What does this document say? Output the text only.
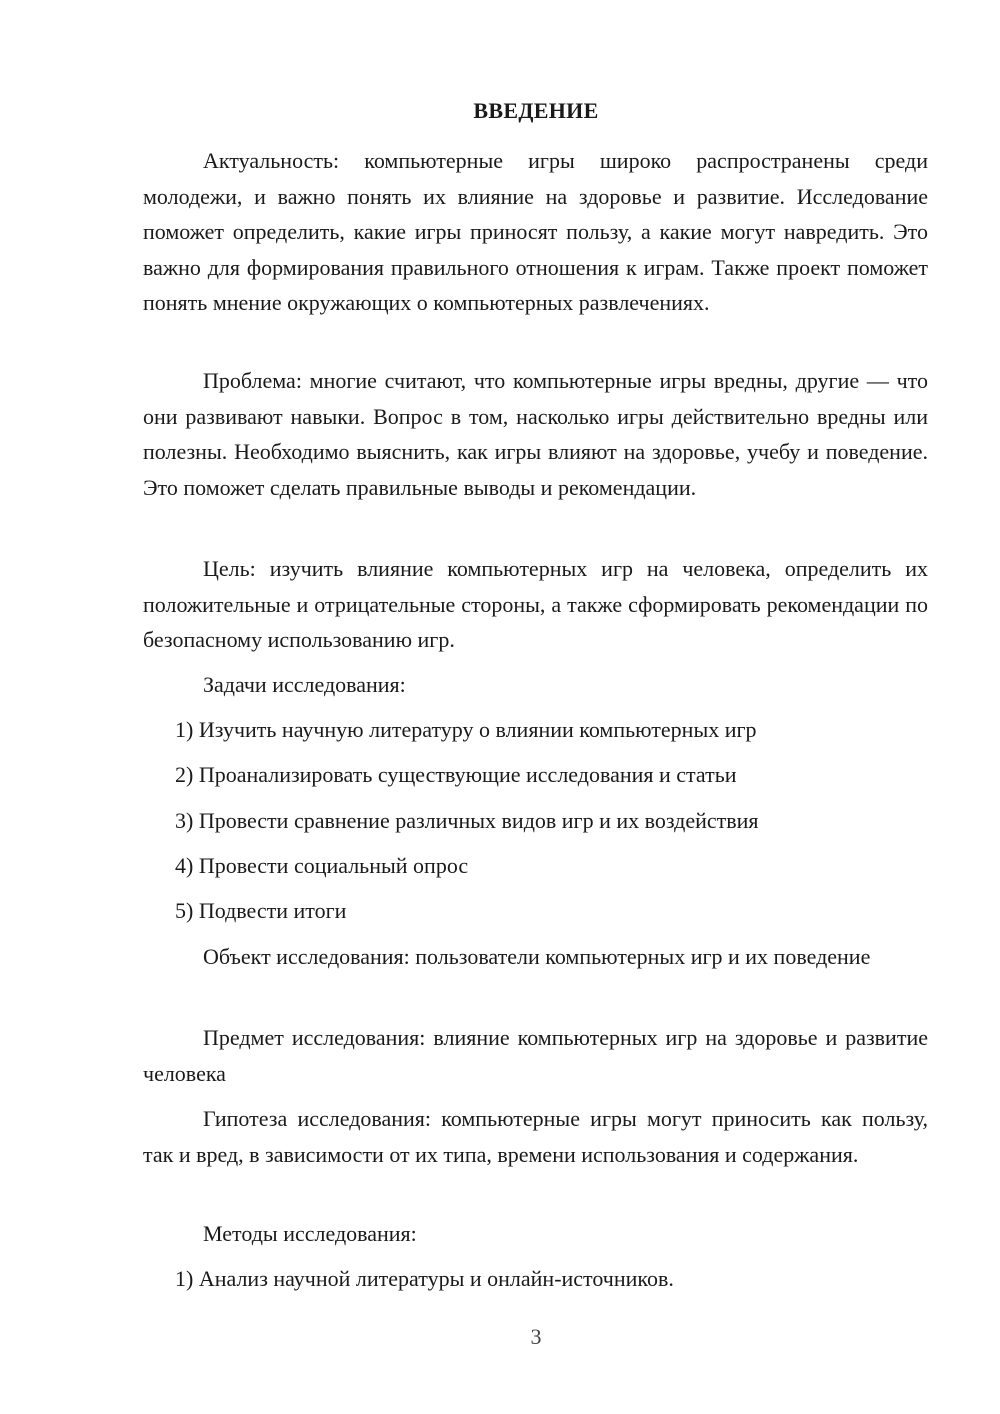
ВВЕДЕНИЕ

Актуальность: компьютерные игры широко распространены среди молодежи, и важно понять их влияние на здоровье и развитие. Исследование поможет определить, какие игры приносят пользу, а какие могут навредить. Это важно для формирования правильного отношения к играм. Также проект поможет понять мнение окружающих о компьютерных развлечениях.

Проблема: многие считают, что компьютерные игры вредны, другие — что они развивают навыки. Вопрос в том, насколько игры действительно вредны или полезны. Необходимо выяснить, как игры влияют на здоровье, учебу и поведение. Это поможет сделать правильные выводы и рекомендации.

Цель: изучить влияние компьютерных игр на человека, определить их положительные и отрицательные стороны, а также сформировать рекомендации по безопасному использованию игр.

Задачи исследования:

1) Изучить научную литературу о влиянии компьютерных игр

2) Проанализировать существующие исследования и статьи

3) Провести сравнение различных видов игр и их воздействия

4) Провести социальный опрос

5) Подвести итоги

Объект исследования: пользователи компьютерных игр и их поведение

Предмет исследования: влияние компьютерных игр на здоровье и развитие человека

Гипотеза исследования: компьютерные игры могут приносить как пользу, так и вред, в зависимости от их типа, времени использования и содержания.

Методы исследования:

1) Анализ научной литературы и онлайн-источников.

3
